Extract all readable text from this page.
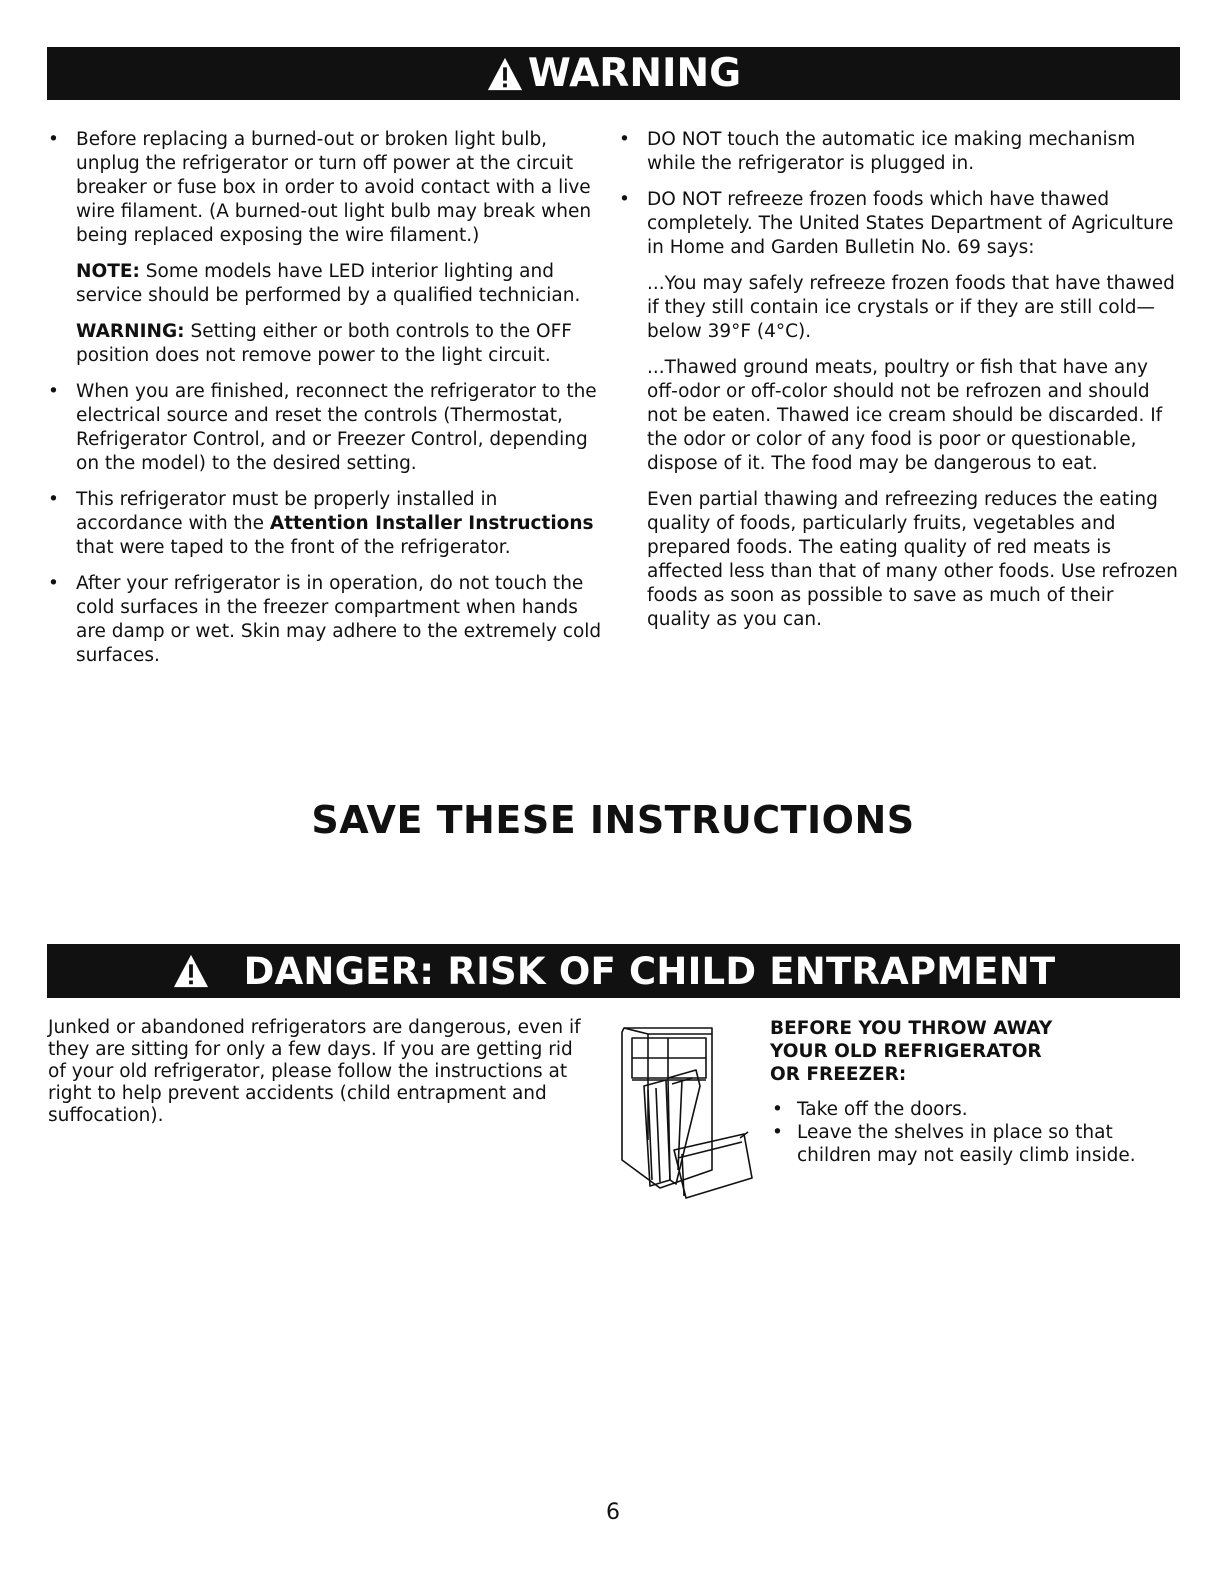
WARNING
• Before replacing a burned-out or broken light bulb, unplug the refrigerator or turn off power at the circuit breaker or fuse box in order to avoid contact with a live wire filament. (A burned-out light bulb may break when being replaced exposing the wire filament.)
NOTE: Some models have LED interior lighting and service should be performed by a qualified technician.
WARNING: Setting either or both controls to the OFF position does not remove power to the light circuit.
• When you are finished, reconnect the refrigerator to the electrical source and reset the controls (Thermostat, Refrigerator Control, and or Freezer Control, depending on the model) to the desired setting.
• This refrigerator must be properly installed in accordance with the Attention Installer Instructions that were taped to the front of the refrigerator.
• After your refrigerator is in operation, do not touch the cold surfaces in the freezer compartment when hands are damp or wet. Skin may adhere to the extremely cold surfaces.
• DO NOT touch the automatic ice making mechanism while the refrigerator is plugged in.
• DO NOT refreeze frozen foods which have thawed completely. The United States Department of Agriculture in Home and Garden Bulletin No. 69 says:
...You may safely refreeze frozen foods that have thawed if they still contain ice crystals or if they are still cold—below 39°F (4°C).
...Thawed ground meats, poultry or fish that have any off-odor or off-color should not be refrozen and should not be eaten. Thawed ice cream should be discarded. If the odor or color of any food is poor or questionable, dispose of it. The food may be dangerous to eat.
Even partial thawing and refreezing reduces the eating quality of foods, particularly fruits, vegetables and prepared foods. The eating quality of red meats is affected less than that of many other foods. Use refrozen foods as soon as possible to save as much of their quality as you can.
SAVE THESE INSTRUCTIONS
DANGER: RISK OF CHILD ENTRAPMENT
Junked or abandoned refrigerators are dangerous, even if they are sitting for only a few days. If you are getting rid of your old refrigerator, please follow the instructions at right to help prevent accidents (child entrapment and suffocation).
BEFORE YOU THROW AWAY
YOUR OLD REFRIGERATOR
OR FREEZER:
• Take off the doors.
• Leave the shelves in place so that children may not easily climb inside.
6
